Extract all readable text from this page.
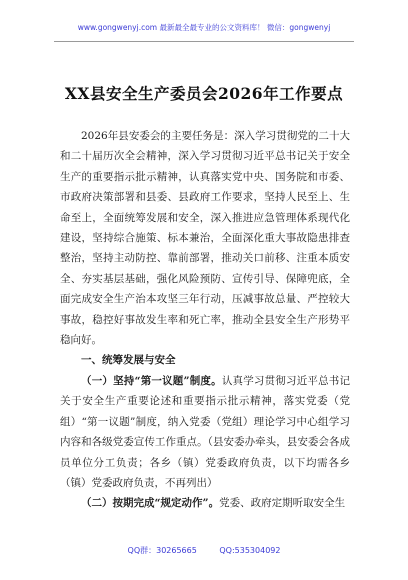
www.gongwenyj.com 最新最全最专业的公文资料库！ 微信：gongwenyj
XX县安全生产委员会2026年工作要点

2026年县安委会的主要任务是：深入学习贯彻党的二十大和二十届历次全会精神，深入学习贯彻习近平总书记关于安全生产的重要指示批示精神，认真落实党中央、国务院和市委、市政府决策部署和县委、县政府工作要求，坚持人民至上、生命至上，全面统筹发展和安全，深入推进应急管理体系现代化建设，坚持综合施策、标本兼治，全面深化重大事故隐患排查整治，坚持主动防控、靠前部署，推动关口前移、注重本质安全、夯实基层基础，强化风险预防、宣传引导、保障兜底，全面完成安全生产治本攻坚三年行动，压减事故总量、严控较大事故，稳控好事故发生率和死亡率，推动全县安全生产形势平稳向好。

一、统筹发展与安全

（一）坚持“第一议题”制度。认真学习贯彻习近平总书记关于安全生产重要论述和重要指示批示精神，落实党委（党组）“第一议题”制度，纳入党委（党组）理论学习中心组学习内容和各级党委宣传工作重点。（县安委办牵头，县安委会各成员单位分工负责；各乡（镇）党委政府负责，以下均需各乡（镇）党委政府负责，不再列出）

（二）按期完成“规定动作”。党委、政府定期听取安全生

QQ群：30265665	QQ:535304092
